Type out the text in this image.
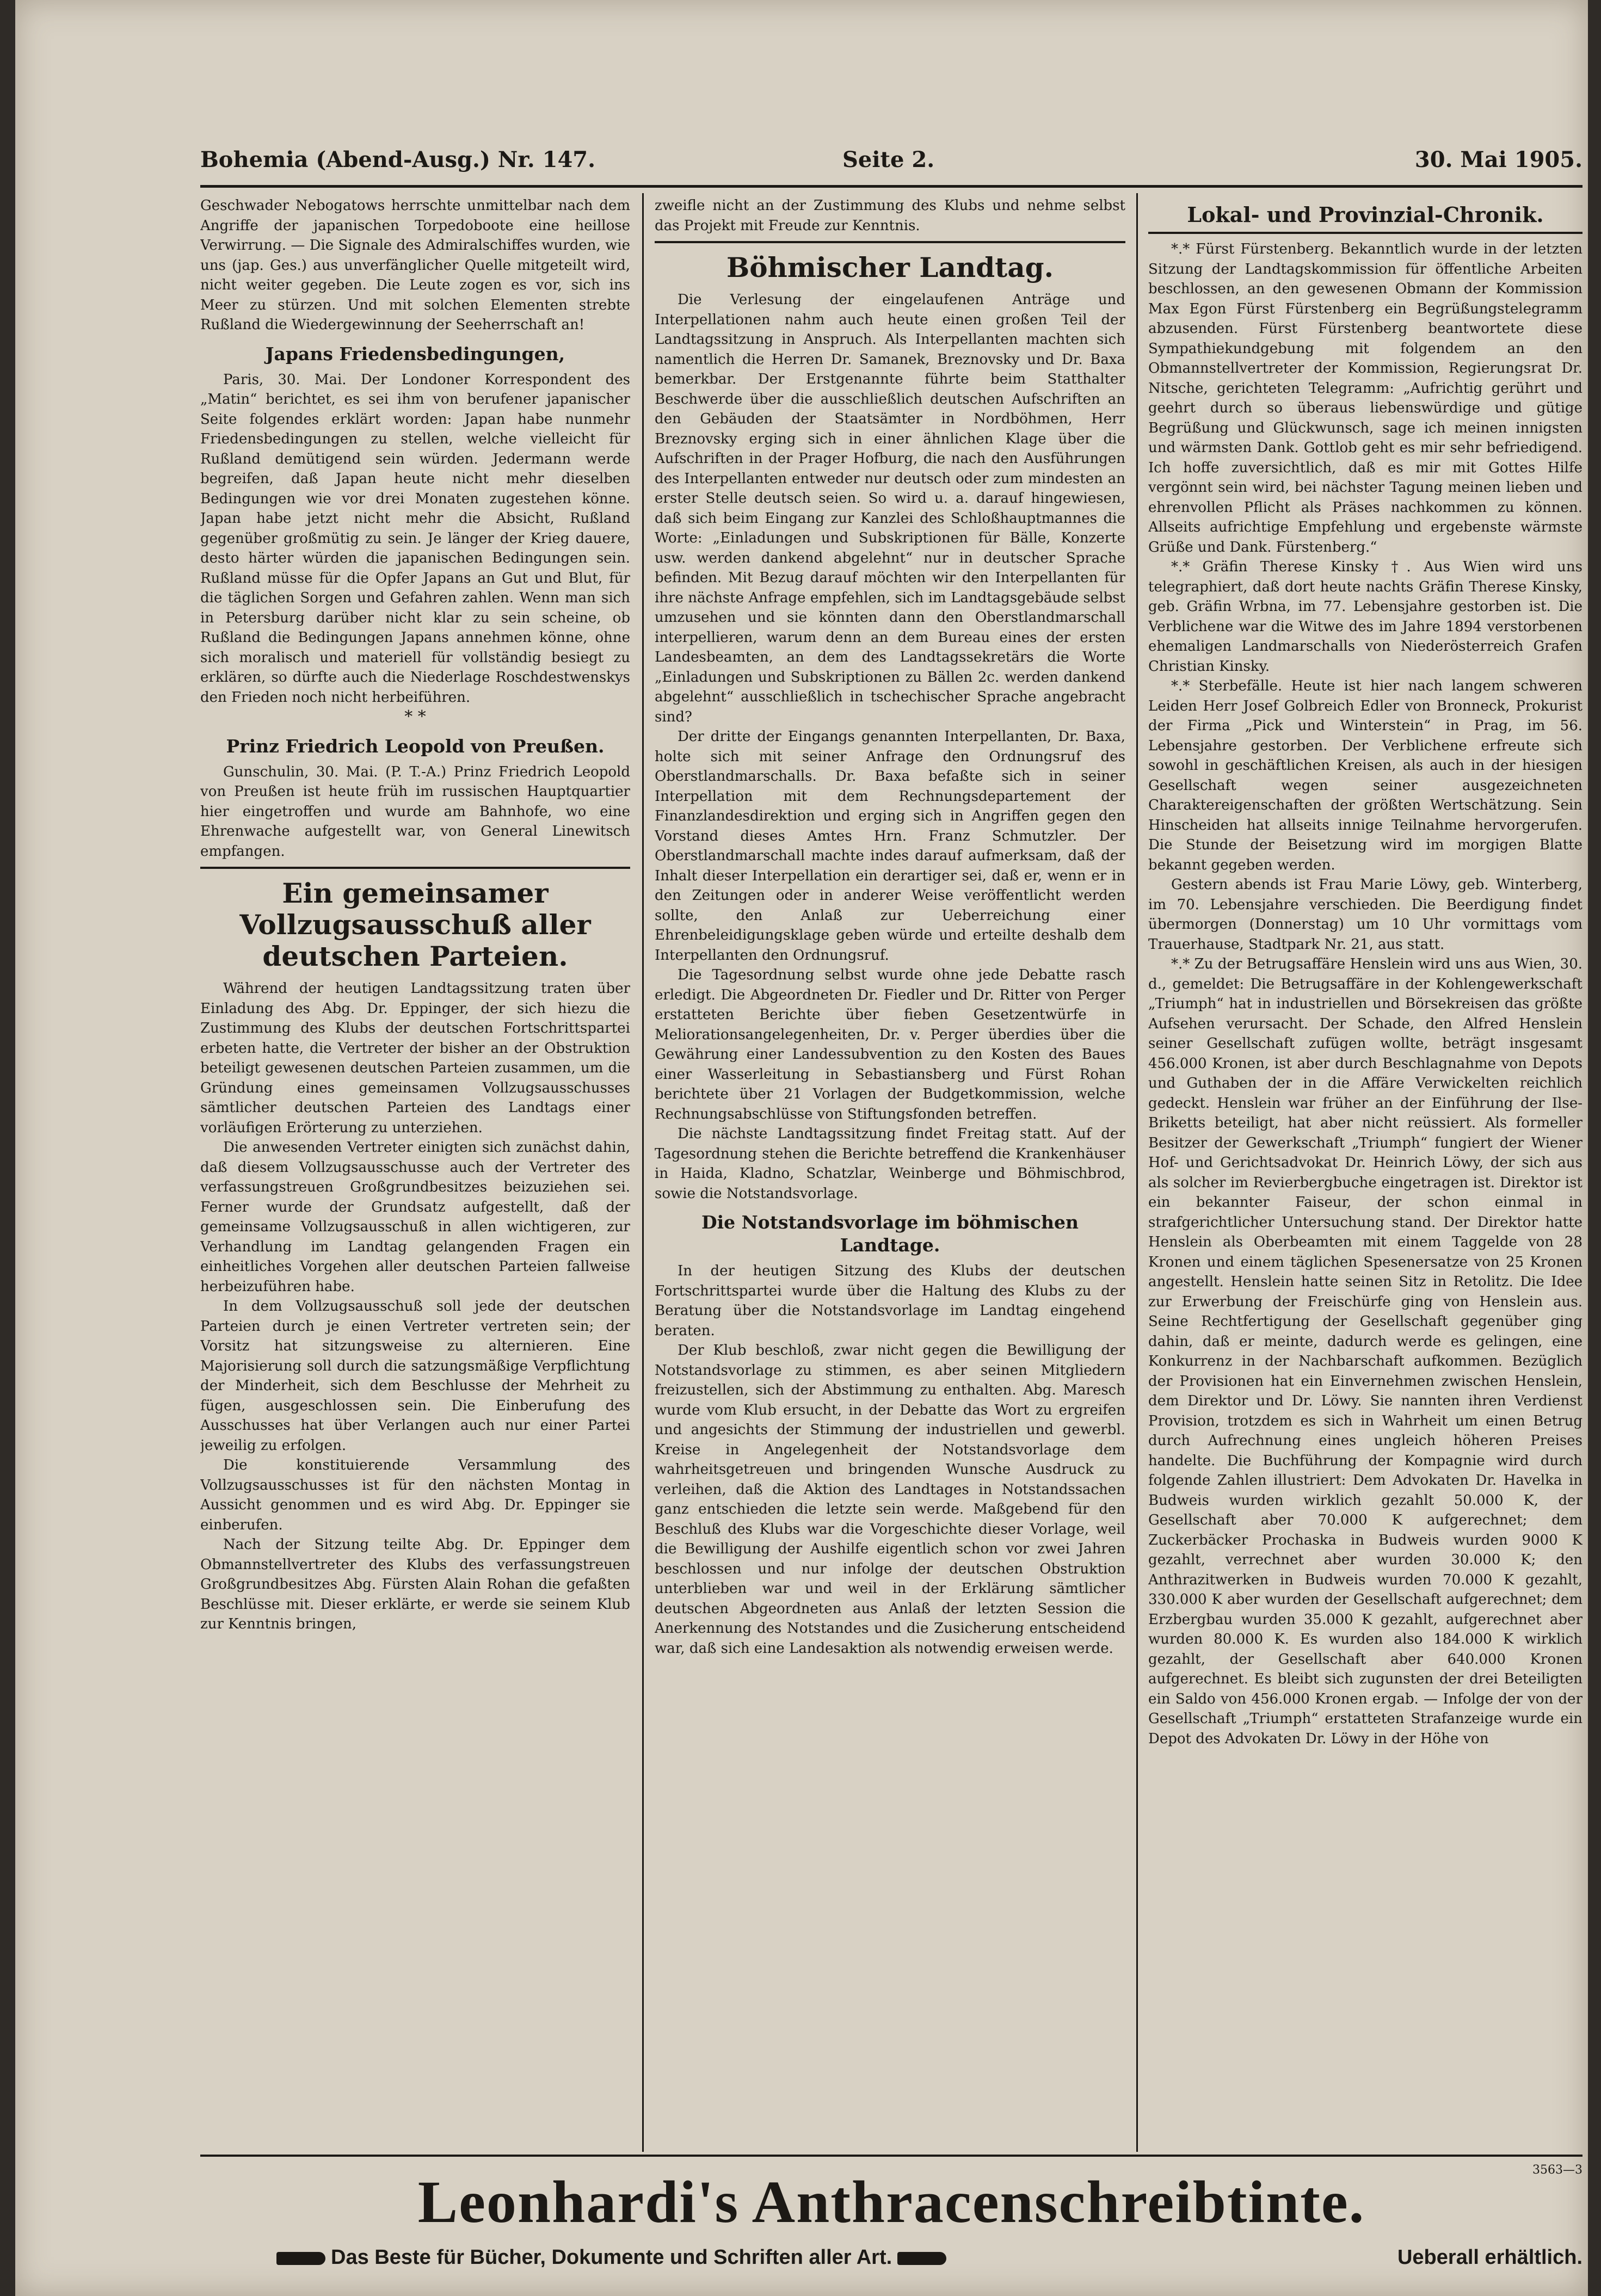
Bohemia (Abend-Ausg.) Nr. 147.	Seite 2.	30. Mai 1905.

Geschwader Nebogatows herrschte unmittelbar nach dem Angriffe der japanischen Torpedoboote eine heillose Verwirrung. — Die Signale des Admiralschiffes wurden, wie uns (jap. Ges.) aus unverfänglicher Quelle mitgeteilt wird, nicht weiter gegeben. Die Leute zogen es vor, sich ins Meer zu stürzen. Und mit solchen Elementen strebte Rußland die Wiedergewinnung der Seeherrschaft an!

Japans Friedensbedingungen,

Paris, 30. Mai. Der Londoner Korrespondent des „Matin“ berichtet, es sei ihm von berufener japanischer Seite folgendes erklärt worden: Japan habe nunmehr Friedensbedingungen zu stellen, welche vielleicht für Rußland demütigend sein würden. Jedermann werde begreifen, daß Japan heute nicht mehr dieselben Bedingungen wie vor drei Monaten zugestehen könne. Japan habe jetzt nicht mehr die Absicht, Rußland gegenüber großmütig zu sein. Je länger der Krieg dauere, desto härter würden die japanischen Bedingungen sein. Rußland müsse für die Opfer Japans an Gut und Blut, für die täglichen Sorgen und Gefahren zahlen. Wenn man sich in Petersburg darüber nicht klar zu sein scheine, ob Rußland die Bedingungen Japans annehmen könne, ohne sich moralisch und materiell für vollständig besiegt zu erklären, so dürfte auch die Niederlage Roschdestwenskys den Frieden noch nicht herbeiführen.

* *
Prinz Friedrich Leopold von Preußen.

Gunschulin, 30. Mai. (P. T.-A.) Prinz Friedrich Leopold von Preußen ist heute früh im russischen Hauptquartier hier eingetroffen und wurde am Bahnhofe, wo eine Ehrenwache aufgestellt war, von General Linewitsch empfangen.

Ein gemeinsamer Vollzugsausschuß aller deutschen Parteien.

Während der heutigen Landtagssitzung traten über Einladung des Abg. Dr. Eppinger, der sich hiezu die Zustimmung des Klubs der deutschen Fortschrittspartei erbeten hatte, die Vertreter der bisher an der Obstruktion beteiligt gewesenen deutschen Parteien zusammen, um die Gründung eines gemeinsamen Vollzugsausschusses sämtlicher deutschen Parteien des Landtags einer vorläufigen Erörterung zu unterziehen.

Die anwesenden Vertreter einigten sich zunächst dahin, daß diesem Vollzugsausschusse auch der Vertreter des verfassungstreuen Großgrundbesitzes beizuziehen sei. Ferner wurde der Grundsatz aufgestellt, daß der gemeinsame Vollzugsausschuß in allen wichtigeren, zur Verhandlung im Landtag gelangenden Fragen ein einheitliches Vorgehen aller deutschen Parteien fallweise herbeizuführen habe.

In dem Vollzugsausschuß soll jede der deutschen Parteien durch je einen Vertreter vertreten sein; der Vorsitz hat sitzungsweise zu alternieren. Eine Majorisierung soll durch die satzungsmäßige Verpflichtung der Minderheit, sich dem Beschlusse der Mehrheit zu fügen, ausgeschlossen sein. Die Einberufung des Ausschusses hat über Verlangen auch nur einer Partei jeweilig zu erfolgen.

Die konstituierende Versammlung des Vollzugsausschusses ist für den nächsten Montag in Aussicht genommen und es wird Abg. Dr. Eppinger sie einberufen.

Nach der Sitzung teilte Abg. Dr. Eppinger dem Obmannstellvertreter des Klubs des verfassungstreuen Großgrundbesitzes Abg. Fürsten Alain Rohan die gefaßten Beschlüsse mit. Dieser erklärte, er werde sie seinem Klub zur Kenntnis bringen,

zweifle nicht an der Zustimmung des Klubs und nehme selbst das Projekt mit Freude zur Kenntnis.

Böhmischer Landtag.

Die Verlesung der eingelaufenen Anträge und Interpellationen nahm auch heute einen großen Teil der Landtagssitzung in Anspruch. Als Interpellanten machten sich namentlich die Herren Dr. Samanek, Breznovsky und Dr. Baxa bemerkbar. Der Erstgenannte führte beim Statthalter Beschwerde über die ausschließlich deutschen Aufschriften an den Gebäuden der Staatsämter in Nordböhmen, Herr Breznovsky erging sich in einer ähnlichen Klage über die Aufschriften in der Prager Hofburg, die nach den Ausführungen des Interpellanten entweder nur deutsch oder zum mindesten an erster Stelle deutsch seien. So wird u. a. darauf hingewiesen, daß sich beim Eingang zur Kanzlei des Schloßhauptmannes die Worte: „Einladungen und Subskriptionen für Bälle, Konzerte usw. werden dankend abgelehnt“ nur in deutscher Sprache befinden. Mit Bezug darauf möchten wir den Interpellanten für ihre nächste Anfrage empfehlen, sich im Landtagsgebäude selbst umzusehen und sie könnten dann den Oberstlandmarschall interpellieren, warum denn an dem Bureau eines der ersten Landesbeamten, an dem des Landtagssekretärs die Worte „Einladungen und Subskriptionen zu Bällen 2c. werden dankend abgelehnt“ ausschließlich in tschechischer Sprache angebracht sind?

Der dritte der Eingangs genannten Interpellanten, Dr. Baxa, holte sich mit seiner Anfrage den Ordnungsruf des Oberstlandmarschalls. Dr. Baxa befaßte sich in seiner Interpellation mit dem Rechnungsdepartement der Finanzlandesdirektion und erging sich in Angriffen gegen den Vorstand dieses Amtes Hrn. Franz Schmutzler. Der Oberstlandmarschall machte indes darauf aufmerksam, daß der Inhalt dieser Interpellation ein derartiger sei, daß er, wenn er in den Zeitungen oder in anderer Weise veröffentlicht werden sollte, den Anlaß zur Ueberreichung einer Ehrenbeleidigungsklage geben würde und erteilte deshalb dem Interpellanten den Ordnungsruf.

Die Tagesordnung selbst wurde ohne jede Debatte rasch erledigt. Die Abgeordneten Dr. Fiedler und Dr. Ritter von Perger erstatteten Berichte über fieben Gesetzentwürfe in Meliorationsangelegenheiten, Dr. v. Perger überdies über die Gewährung einer Landessubvention zu den Kosten des Baues einer Wasserleitung in Sebastiansberg und Fürst Rohan berichtete über 21 Vorlagen der Budgetkommission, welche Rechnungsabschlüsse von Stiftungsfonden betreffen.

Die nächste Landtagssitzung findet Freitag statt. Auf der Tagesordnung stehen die Berichte betreffend die Krankenhäuser in Haida, Kladno, Schatzlar, Weinberge und Böhmischbrod, sowie die Notstandsvorlage.

Die Notstandsvorlage im böhmischen Landtage.

In der heutigen Sitzung des Klubs der deutschen Fortschrittspartei wurde über die Haltung des Klubs zu der Beratung über die Notstandsvorlage im Landtag eingehend beraten.

Der Klub beschloß, zwar nicht gegen die Bewilligung der Notstandsvorlage zu stimmen, es aber seinen Mitgliedern freizustellen, sich der Abstimmung zu enthalten. Abg. Maresch wurde vom Klub ersucht, in der Debatte das Wort zu ergreifen und angesichts der Stimmung der industriellen und gewerbl. Kreise in Angelegenheit der Notstandsvorlage dem wahrheitsgetreuen und bringenden Wunsche Ausdruck zu verleihen, daß die Aktion des Landtages in Notstandssachen ganz entschieden die letzte sein werde. Maßgebend für den Beschluß des Klubs war die Vorgeschichte dieser Vorlage, weil die Bewilligung der Aushilfe eigentlich schon vor zwei Jahren beschlossen und nur infolge der deutschen Obstruktion unterblieben war und weil in der Erklärung sämtlicher deutschen Abgeordneten aus Anlaß der letzten Session die Anerkennung des Notstandes und die Zusicherung entscheidend war, daß sich eine Landesaktion als notwendig erweisen werde.

Lokal- und Provinzial-Chronik.

*.* Fürst Fürstenberg. Bekanntlich wurde in der letzten Sitzung der Landtagskommission für öffentliche Arbeiten beschlossen, an den gewesenen Obmann der Kommission Max Egon Fürst Fürstenberg ein Begrüßungstelegramm abzusenden. Fürst Fürstenberg beantwortete diese Sympathiekundgebung mit folgendem an den Obmannstellvertreter der Kommission, Regierungsrat Dr. Nitsche, gerichteten Telegramm: „Aufrichtig gerührt und geehrt durch so überaus liebenswürdige und gütige Begrüßung und Glückwunsch, sage ich meinen innigsten und wärmsten Dank. Gottlob geht es mir sehr befriedigend. Ich hoffe zuversichtlich, daß es mir mit Gottes Hilfe vergönnt sein wird, bei nächster Tagung meinen lieben und ehrenvollen Pflicht als Präses nachkommen zu können. Allseits aufrichtige Empfehlung und ergebenste wärmste Grüße und Dank. Fürstenberg.“

*.* Gräfin Therese Kinsky †. Aus Wien wird uns telegraphiert, daß dort heute nachts Gräfin Therese Kinsky, geb. Gräfin Wrbna, im 77. Lebensjahre gestorben ist. Die Verblichene war die Witwe des im Jahre 1894 verstorbenen ehemaligen Landmarschalls von Niederösterreich Grafen Christian Kinsky.

*.* Sterbefälle. Heute ist hier nach langem schweren Leiden Herr Josef Golbreich Edler von Bronneck, Prokurist der Firma „Pick und Winterstein“ in Prag, im 56. Lebensjahre gestorben. Der Verblichene erfreute sich sowohl in geschäftlichen Kreisen, als auch in der hiesigen Gesellschaft wegen seiner ausgezeichneten Charaktereigenschaften der größten Wertschätzung. Sein Hinscheiden hat allseits innige Teilnahme hervorgerufen. Die Stunde der Beisetzung wird im morgigen Blatte bekannt gegeben werden.

Gestern abends ist Frau Marie Löwy, geb. Winterberg, im 70. Lebensjahre verschieden. Die Beerdigung findet übermorgen (Donnerstag) um 10 Uhr vormittags vom Trauerhause, Stadtpark Nr. 21, aus statt.

*.* Zu der Betrugsaffäre Henslein wird uns aus Wien, 30. d., gemeldet: Die Betrugsaffäre in der Kohlengewerkschaft „Triumph“ hat in industriellen und Börsekreisen das größte Aufsehen verursacht. Der Schade, den Alfred Henslein seiner Gesellschaft zufügen wollte, beträgt insgesamt 456.000 Kronen, ist aber durch Beschlagnahme von Depots und Guthaben der in die Affäre Verwickelten reichlich gedeckt. Henslein war früher an der Einführung der Ilse-Briketts beteiligt, hat aber nicht reüssiert. Als formeller Besitzer der Gewerkschaft „Triumph“ fungiert der Wiener Hof- und Gerichtsadvokat Dr. Heinrich Löwy, der sich aus als solcher im Revierbergbuche eingetragen ist. Direktor ist ein bekannter Faiseur, der schon einmal in strafgerichtlicher Untersuchung stand. Der Direktor hatte Henslein als Oberbeamten mit einem Taggelde von 28 Kronen und einem täglichen Spesenersatze von 25 Kronen angestellt. Henslein hatte seinen Sitz in Retolitz. Die Idee zur Erwerbung der Freischürfe ging von Henslein aus. Seine Rechtfertigung der Gesellschaft gegenüber ging dahin, daß er meinte, dadurch werde es gelingen, eine Konkurrenz in der Nachbarschaft aufkommen. Bezüglich der Provisionen hat ein Einvernehmen zwischen Henslein, dem Direktor und Dr. Löwy. Sie nannten ihren Verdienst Provision, trotzdem es sich in Wahrheit um einen Betrug durch Aufrechnung eines ungleich höheren Preises handelte. Die Buchführung der Kompagnie wird durch folgende Zahlen illustriert: Dem Advokaten Dr. Havelka in Budweis wurden wirklich gezahlt 50.000 K, der Gesellschaft aber 70.000 K aufgerechnet; dem Zuckerbäcker Prochaska in Budweis wurden 9000 K gezahlt, verrechnet aber wurden 30.000 K; den Anthrazitwerken in Budweis wurden 70.000 K gezahlt, 330.000 K aber wurden der Gesellschaft aufgerechnet; dem Erzbergbau wurden 35.000 K gezahlt, aufgerechnet aber wurden 80.000 K. Es wurden also 184.000 K wirklich gezahlt, der Gesellschaft aber 640.000 Kronen aufgerechnet. Es bleibt sich zugunsten der drei Beteiligten ein Saldo von 456.000 Kronen ergab. — Infolge der von der Gesellschaft „Triumph“ erstatteten Strafanzeige wurde ein Depot des Advokaten Dr. Löwy in der Höhe von

3563—3
Leonhardi's Anthracenschreibtinte.
Das Beste für Bücher, Dokumente und Schriften aller Art.	Ueberall erhältlich.
